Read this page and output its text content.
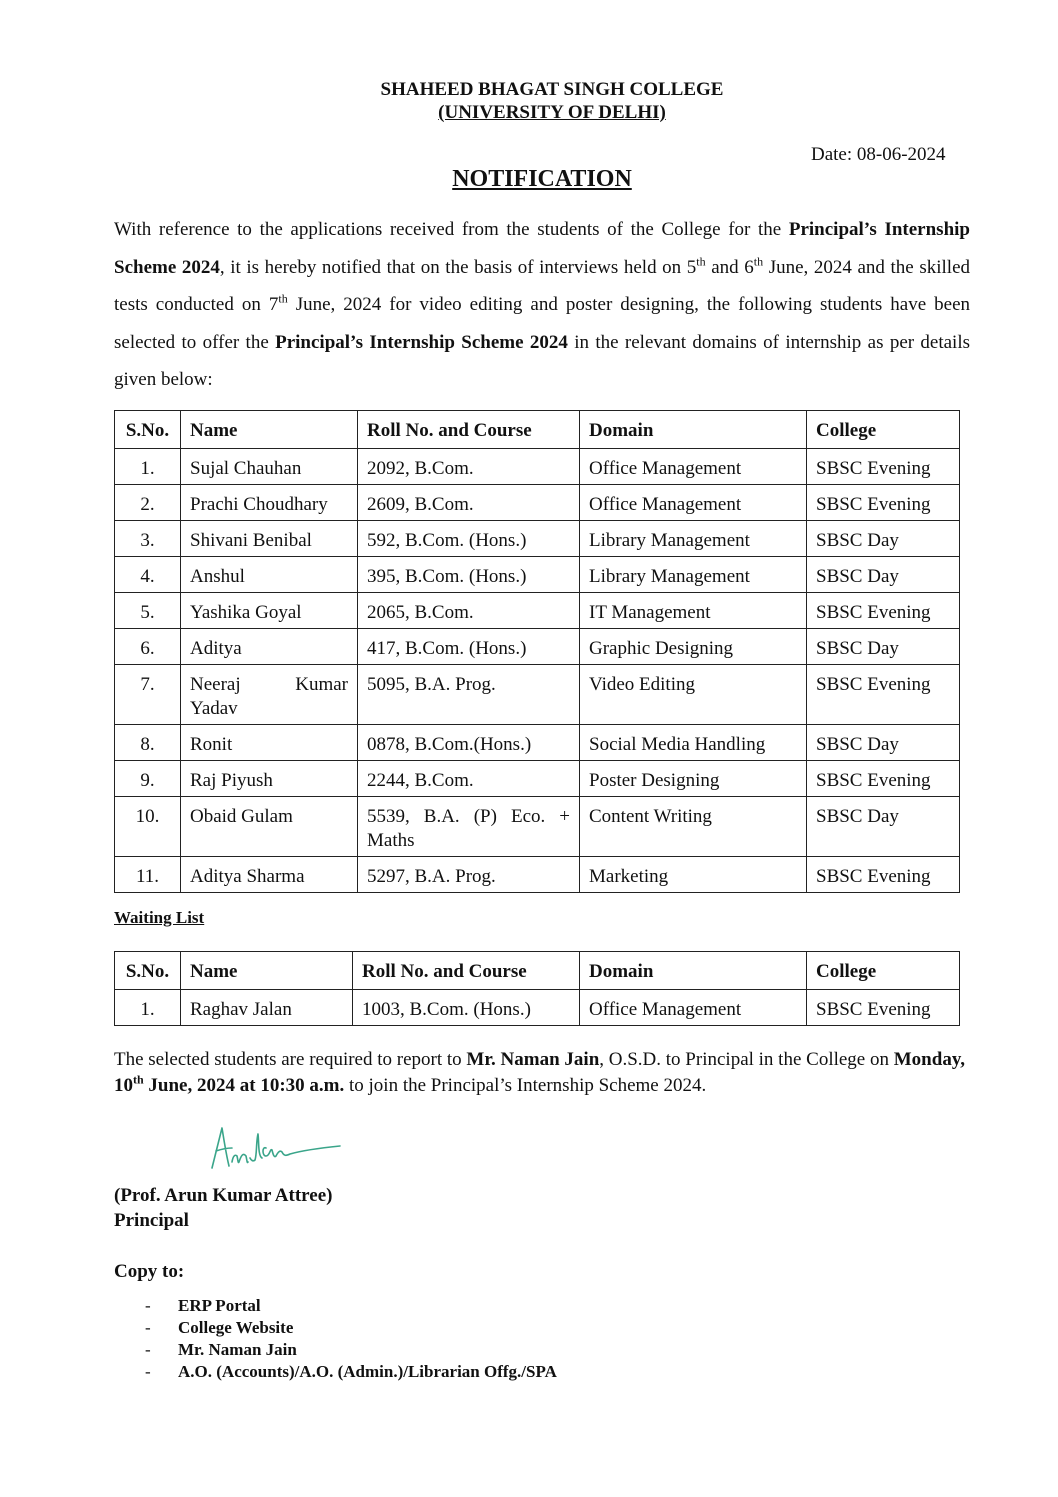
SHAHEED BHAGAT SINGH COLLEGE
(UNIVERSITY OF DELHI)
Date: 08-06-2024
NOTIFICATION
With reference to the applications received from the students of the College for the Principal’s Internship Scheme 2024, it is hereby notified that on the basis of interviews held on 5th and 6th June, 2024 and the skilled tests conducted on 7th June, 2024 for video editing and poster designing, the following students have been selected to offer the Principal’s Internship Scheme 2024 in the relevant domains of internship as per details given below:
S.No.	Name	Roll No. and Course	Domain	College
1.	Sujal Chauhan	2092, B.Com.	Office Management	SBSC Evening
2.	Prachi Choudhary	2609, B.Com.	Office Management	SBSC Evening
3.	Shivani Benibal	592, B.Com. (Hons.)	Library Management	SBSC Day
4.	Anshul	395, B.Com. (Hons.)	Library Management	SBSC Day
5.	Yashika Goyal	2065, B.Com.	IT Management	SBSC Evening
6.	Aditya	417, B.Com. (Hons.)	Graphic Designing	SBSC Day
7.	Neeraj Kumar Yadav	5095, B.A. Prog.	Video Editing	SBSC Evening
8.	Ronit	0878, B.Com.(Hons.)	Social Media Handling	SBSC Day
9.	Raj Piyush	2244, B.Com.	Poster Designing	SBSC Evening
10.	Obaid Gulam	5539, B.A. (P) Eco. + Maths	Content Writing	SBSC Day
11.	Aditya Sharma	5297, B.A. Prog.	Marketing	SBSC Evening
Waiting List
S.No.	Name	Roll No. and Course	Domain	College
1.	Raghav Jalan	1003, B.Com. (Hons.)	Office Management	SBSC Evening
The selected students are required to report to Mr. Naman Jain, O.S.D. to Principal in the College on Monday, 10th June, 2024 at 10:30 a.m. to join the Principal’s Internship Scheme 2024.
(Prof. Arun Kumar Attree)
Principal
Copy to:
-	ERP Portal
-	College Website
-	Mr. Naman Jain
-	A.O. (Accounts)/A.O. (Admin.)/Librarian Offg./SPA
